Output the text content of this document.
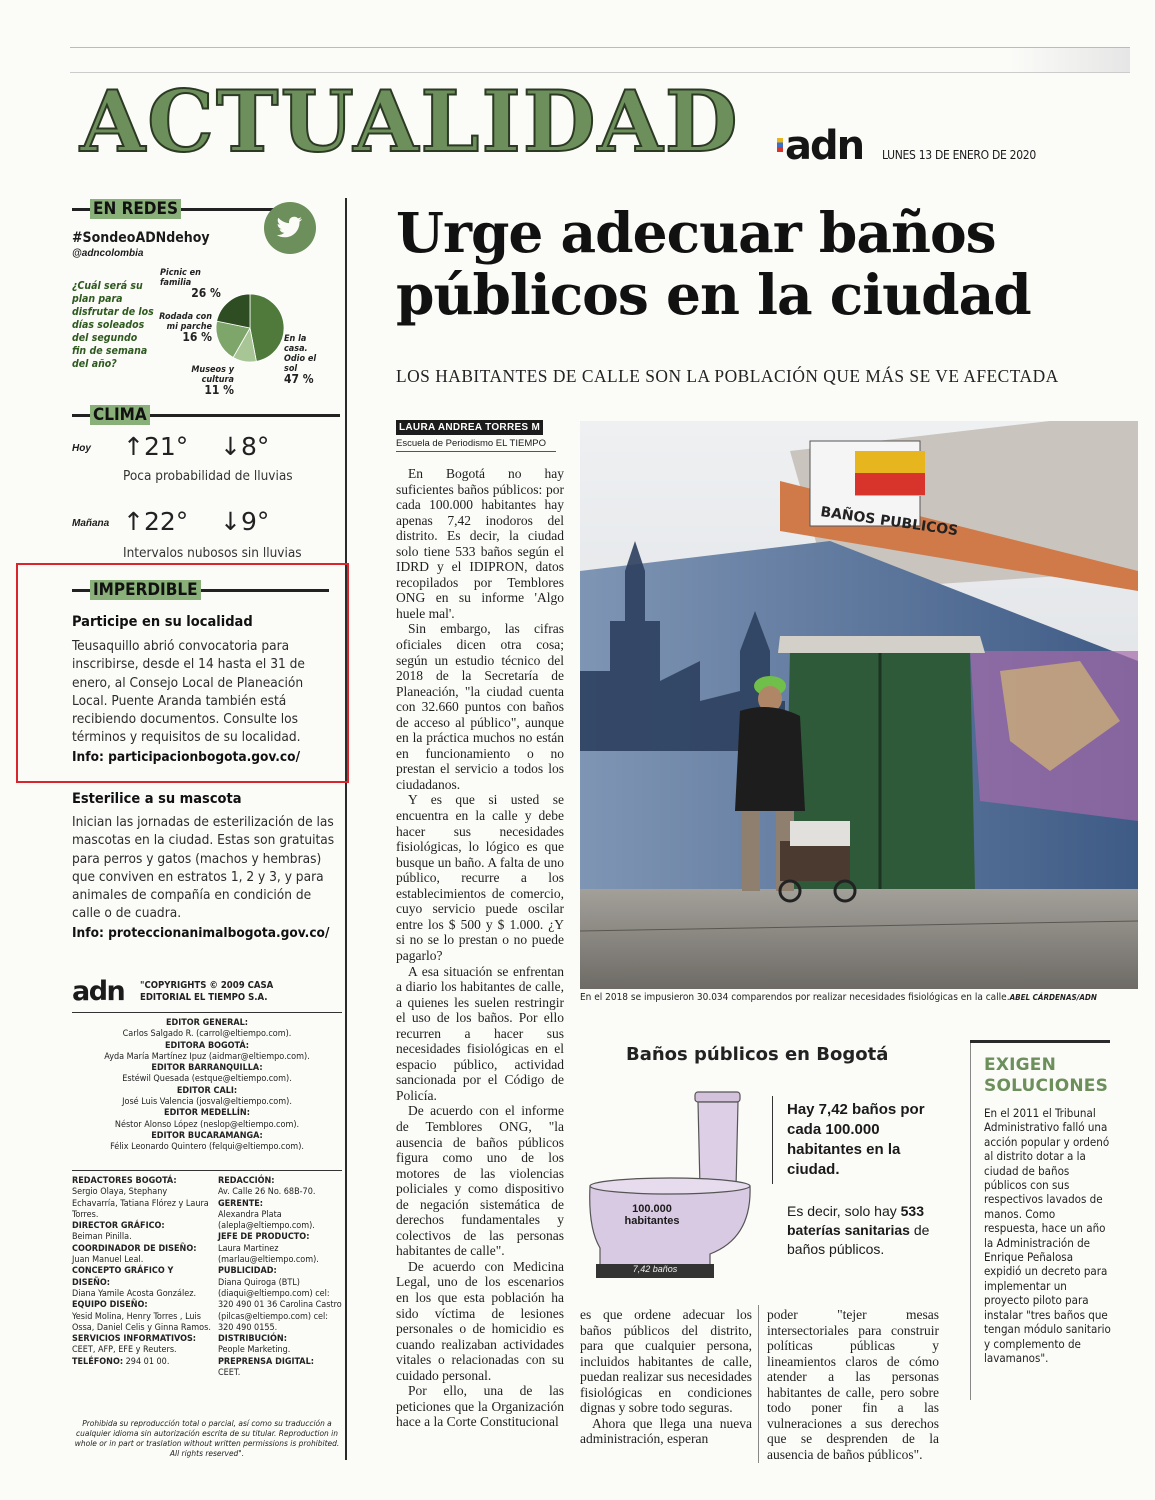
ACTUALIDAD adn LUNES 13 DE ENERO DE 2020
EN REDES
#SondeoADNdehoy
@adncolombia
¿Cuál será su plan para disfrutar de los días soleados del segundo fin de semana del año?
Picnic en familia
26 %
Rodada con mi parche
16 %	En la casa. Odio el sol
47 %
Museos y cultura
11 %
CLIMA
Hoy ↑21° ↓8°
Poca probabilidad de lluvias
Mañana ↑22° ↓9°
Intervalos nubosos sin lluvias
IMPERDIBLE
Participe en su localidad
Teusaquillo abrió convocatoria para inscribirse, desde el 14 hasta el 31 de enero, al Consejo Local de Planeación Local. Puente Aranda también está recibiendo documentos. Consulte los términos y requisitos de su localidad.
Info: participacionbogota.gov.co/
Esterilice a su mascota
Inician las jornadas de esterilización de las mascotas en la ciudad. Estas son gratuitas para perros y gatos (machos y hembras) que conviven en estratos 1, 2 y 3, y para animales de compañía en condición de calle o de cuadra.
Info: proteccionanimalbogota.gov.co/
adn "COPYRIGHTS © 2009 CASA EDITORIAL EL TIEMPO S.A.
EDITOR GENERAL:
Carlos Salgado R. (carrol@eltiempo.com).
EDITORA BOGOTÁ:
Ayda María Martínez Ipuz (aidmar@eltiempo.com).
EDITOR BARRANQUILLA:
Estéwil Quesada (estque@eltiempo.com).
EDITOR CALI:
José Luis Valencia (josval@eltiempo.com).
EDITOR MEDELLÍN:
Néstor Alonso López (neslop@eltiempo.com).
EDITOR BUCARAMANGA:
Félix Leonardo Quintero (felqui@eltiempo.com).
REDACTORES BOGOTÁ:
Sergio Olaya, Stephany Echavarría, Tatiana Flórez y Laura Torres.
DIRECTOR GRÁFICO:
Beiman Pinilla.
COORDINADOR DE DISEÑO:
Juan Manuel Leal.
CONCEPTO GRÁFICO Y DISEÑO:
Diana Yamile Acosta González.
EQUIPO DISEÑO:
Yesid Molina, Henry Torres , Luis Ossa, Daniel Celis y Ginna Ramos.
SERVICIOS INFORMATIVOS:
CEET, AFP, EFE y Reuters.
TELÉFONO: 294 01 00.
REDACCIÓN:
Av. Calle 26 No. 68B-70.
GERENTE:
Alexandra Plata (alepla@eltiempo.com).
JEFE DE PRODUCTO:
Laura Martinez (marlau@eltiempo.com).
PUBLICIDAD:
Diana Quiroga (BTL) (diaqui@eltiempo.com) cel: 320 490 01 36 Carolina Castro (pilcas@eltiempo.com) cel: 320 490 0155.
DISTRIBUCIÓN:
People Marketing.
PREPRENSA DIGITAL:
CEET.
Prohibida su reproducción total o parcial, así como su traducción a cualquier idioma sin autorización escrita de su titular. Reproduction in whole or in part or traslation without written permissions is prohibited. All rights reserved".
Urge adecuar baños públicos en la ciudad
LOS HABITANTES DE CALLE SON LA POBLACIÓN QUE MÁS SE VE AFECTADA
LAURA ANDREA TORRES M
Escuela de Periodismo EL TIEMPO

En Bogotá no hay suficientes baños públicos: por cada 100.000 habitantes hay apenas 7,42 inodoros del distrito. Es decir, la ciudad solo tiene 533 baños según el IDRD y el IDIPRON, datos recopilados por Temblores ONG en su informe 'Algo huele mal'.

Sin embargo, las cifras oficiales dicen otra cosa; según un estudio técnico del 2018 de la Secretaría de Planeación, "la ciudad cuenta con 32.660 puntos con baños de acceso al público", aunque en la práctica muchos no están en funcionamiento o no prestan el servicio a todos los ciudadanos.

Y es que si usted se encuentra en la calle y debe hacer sus necesidades fisiológicas, lo lógico es que busque un baño. A falta de uno público, recurre a los establecimientos de comercio, cuyo servicio puede oscilar entre los $ 500 y $ 1.000. ¿Y si no se lo prestan o no puede pagarlo?

A esa situación se enfrentan a diario los habitantes de calle, a quienes les suelen restringir el uso de los baños. Por ello recurren a hacer sus necesidades fisiológicas en el espacio público, actividad sancionada por el Código de Policía.

De acuerdo con el informe de Temblores ONG, "la ausencia de baños públicos figura como uno de los motores de las violencias policiales y como dispositivo de negación sistemática de derechos fundamentales y colectivos de las personas habitantes de calle".

De acuerdo con Medicina Legal, uno de los escenarios en los que esta población ha sido víctima de lesiones personales o de homicidio es cuando realizaban actividades vitales o relacionadas con su cuidado personal.

Por ello, una de las peticiones que la Organización hace a la Corte Constitucional

BAÑOS PUBLICOS
En el 2018 se impusieron 30.034 comparendos por realizar necesidades fisiológicas en la calle.ABEL CÁRDENAS/ADN
Baños públicos en Bogotá
100.000 habitantes
7,42 baños
Hay 7,42 baños por cada 100.000 habitantes en la ciudad.
Es decir, solo hay 533 baterías sanitarias de baños públicos.

es que ordene adecuar los baños públicos del distrito, para que cualquier persona, incluidos habitantes de calle, puedan realizar sus necesidades fisiológicas en condiciones dignas y sobre todo seguras.

Ahora que llega una nueva administración, esperan

poder "tejer mesas intersectoriales para construir políticas públicas y lineamientos claros de cómo atender a las personas habitantes de calle, pero sobre todo poner fin a las vulneraciones a sus derechos que se desprenden de la ausencia de baños públicos".

EXIGEN SOLUCIONES
En el 2011 el Tribunal Administrativo falló una acción popular y ordenó al distrito dotar a la ciudad de baños públicos con sus respectivos lavados de manos. Como respuesta, hace un año la Administración de Enrique Peñalosa expidió un decreto para implementar un proyecto piloto para instalar "tres baños que tengan módulo sanitario y complemento de lavamanos".
